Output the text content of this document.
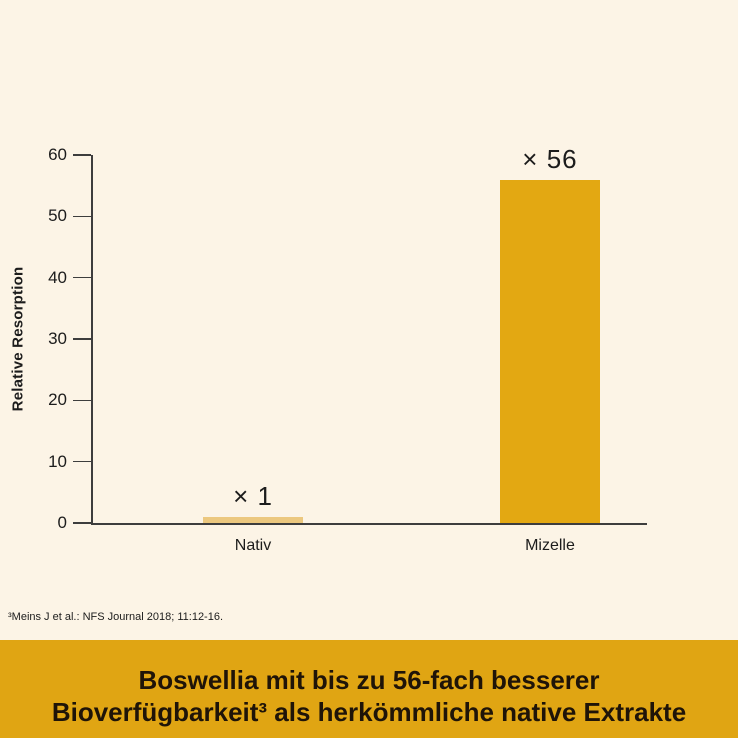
Relative Resorption
0
10
20
30
40
50
60
× 1
Nativ
× 56
Mizelle
³Meins J et al.: NFS Journal 2018; 11:12-16.
Boswellia mit bis zu 56-fach besserer
Bioverfügbarkeit³ als herkömmliche native Extrakte
